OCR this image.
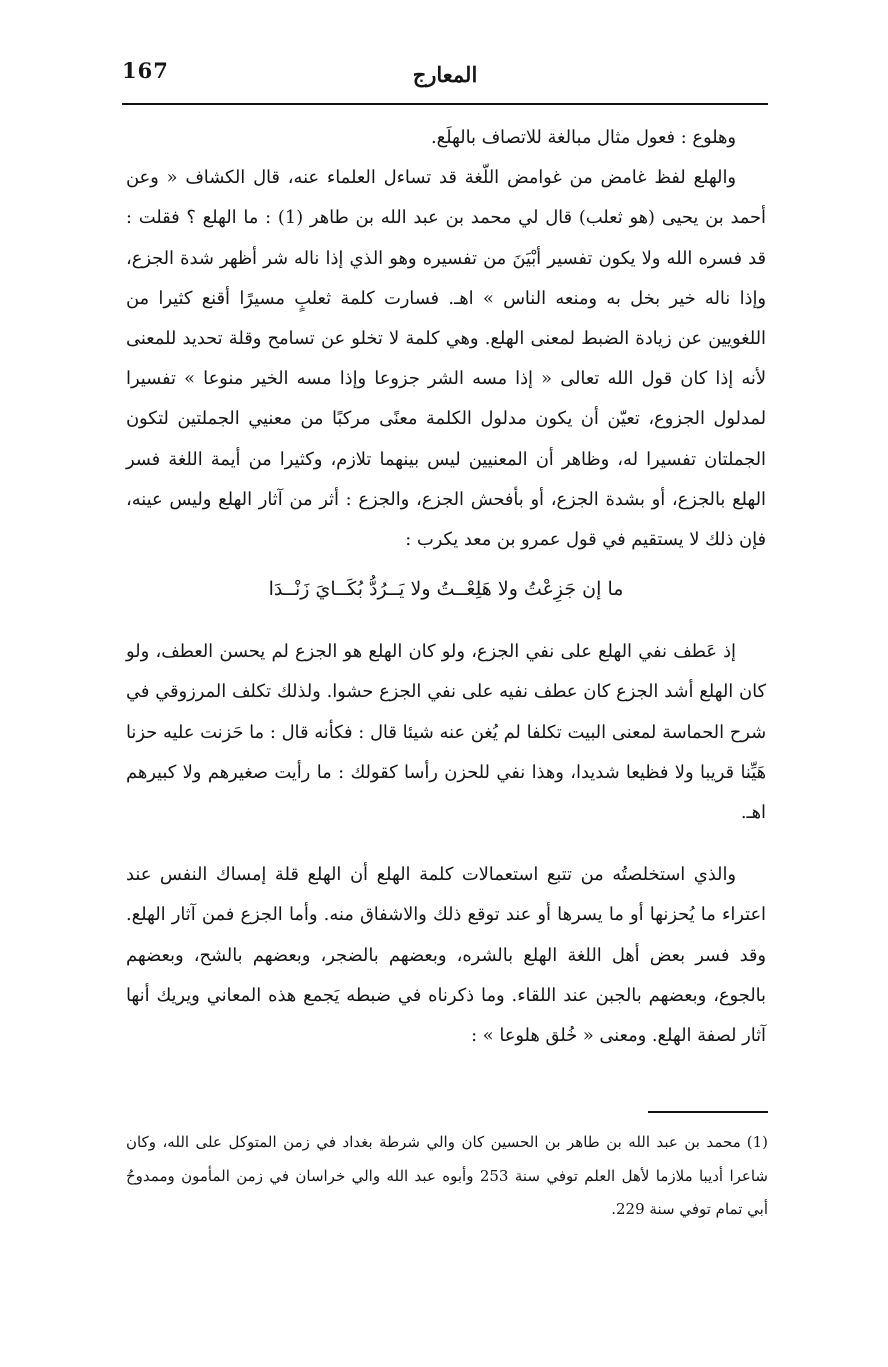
167	المعارج

وهلوع : فعول مثال مبالغة للاتصاف بالهلَع.

والهلع لفظ غامض من غوامض اللّغة قد تساءل العلماء عنه، قال الكشاف « وعن أحمد بن يحيى (هو ثعلب) قال لي محمد بن عبد الله بن طاهر (1) : ما الهلع ؟ فقلت : قد فسره الله ولا يكون تفسير أبْيَنَ من تفسيره وهو الذي إذا ناله شر أظهر شدة الجزع، وإذا ناله خير بخل به ومنعه الناس » اهـ. فسارت كلمة ثعلبٍ مسيرًا أقنع كثيرا من اللغويين عن زيادة الضبط لمعنى الهلع. وهي كلمة لا تخلو عن تسامح وقلة تحديد للمعنى لأنه إذا كان قول الله تعالى « إذا مسه الشر جزوعا وإذا مسه الخير منوعا » تفسيرا لمدلول الجزوع، تعيّن أن يكون مدلول الكلمة معنًى مركبًا من معنيي الجملتين لتكون الجملتان تفسيرا له، وظاهر أن المعنيين ليس بينهما تلازم، وكثيرا من أيمة اللغة فسر الهلع بالجزع، أو بشدة الجزع، أو بأفحش الجزع، والجزع : أثر من آثار الهلع وليس عينه، فإن ذلك لا يستقيم في قول عمرو بن معد يكرب :

ما إن جَزِعْتُ ولا هَلِعْــتُ ولا يَــرُدُّ بُكَــايَ زَنْــدَا

إذ عَطف نفي الهلع على نفي الجزع، ولو كان الهلع هو الجزع لم يحسن العطف، ولو كان الهلع أشد الجزع كان عطف نفيه على نفي الجزع حشوا. ولذلك تكلف المرزوقي في شرح الحماسة لمعنى البيت تكلفا لم يُغن عنه شيئا قال : فكأنه قال : ما حَزنت عليه حزنا هَيِّنا قريبا ولا فظيعا شديدا، وهذا نفي للحزن رأسا كقولك : ما رأيت صغيرهم ولا كبيرهم اهـ.

والذي استخلصتُه من تتبع استعمالات كلمة الهلع أن الهلع قلة إمساك النفس عند اعتراء ما يُحزنها أو ما يسرها أو عند توقع ذلك والاشفاق منه. وأما الجزع فمن آثار الهلع. وقد فسر بعض أهل اللغة الهلع بالشره، وبعضهم بالضجر، وبعضهم بالشح، وبعضهم بالجوع، وبعضهم بالجبن عند اللقاء. وما ذكرناه في ضبطه يَجمع هذه المعاني ويريك أنها آثار لصفة الهلع. ومعنى « خُلق هلوعا » :

(1)محمد بن عبد الله بن طاهر بن الحسين كان والي شرطة بغداد في زمن المتوكل على الله، وكان شاعرا أديبا ملازما لأهل العلم توفي سنة 253 وأبوه عبد الله والي خراسان في زمن المأمون وممدوحُ أبي تمام توفي سنة 229.
